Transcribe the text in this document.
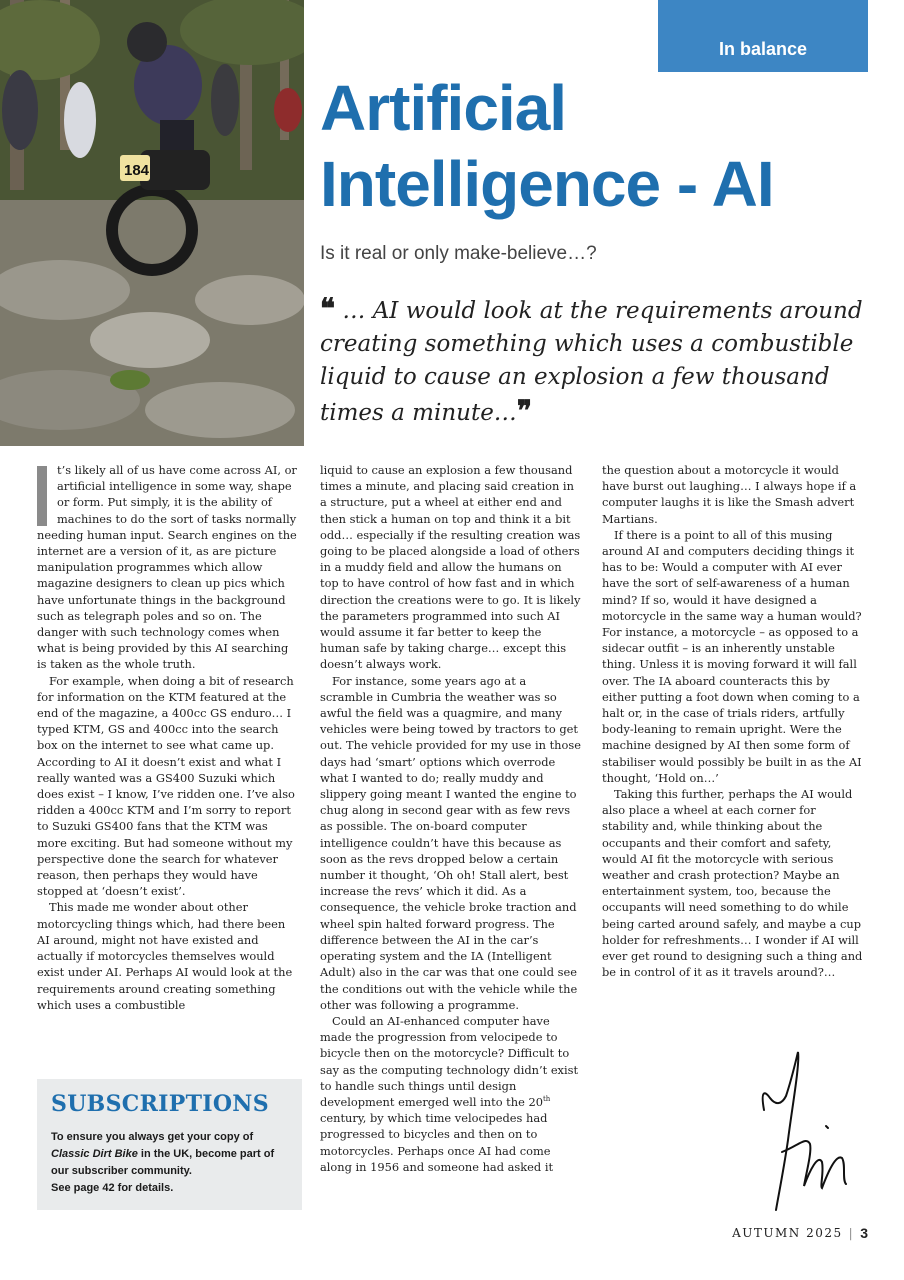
184
In balance
Artificial
Intelligence - AI
Is it real or only make-believe…?

❝ … AI would look at the requirements around creating something which uses a combustible liquid to cause an explosion a few thousand times a minute…❞

t’s likely all of us have come across AI, or artificial intelligence in some way, shape or form. Put simply, it is the ability of machines to do the sort of tasks normally needing human input. Search engines on the internet are a version of it, as are picture manipulation programmes which allow magazine designers to clean up pics which have unfortunate things in the background such as telegraph poles and so on. The danger with such technology comes when what is being provided by this AI searching is taken as the whole truth.

For example, when doing a bit of research for information on the KTM featured at the end of the magazine, a 400cc GS enduro… I typed KTM, GS and 400cc into the search box on the internet to see what came up. According to AI it doesn’t exist and what I really wanted was a GS400 Suzuki which does exist – I know, I’ve ridden one. I’ve also ridden a 400cc KTM and I’m sorry to report to Suzuki GS400 fans that the KTM was more exciting. But had someone without my perspective done the search for whatever reason, then perhaps they would have stopped at ‘doesn’t exist’.

This made me wonder about other motorcycling things which, had there been AI around, might not have existed and actually if motorcycles themselves would exist under AI. Perhaps AI would look at the requirements around creating something which uses a combustible

liquid to cause an explosion a few thousand times a minute, and placing said creation in a structure, put a wheel at either end and then stick a human on top and think it a bit odd… especially if the resulting creation was going to be placed alongside a load of others in a muddy field and allow the humans on top to have control of how fast and in which direction the creations were to go. It is likely the parameters programmed into such AI would assume it far better to keep the human safe by taking charge… except this doesn’t always work.

For instance, some years ago at a scramble in Cumbria the weather was so awful the field was a quagmire, and many vehicles were being towed by tractors to get out. The vehicle provided for my use in those days had ‘smart’ options which overrode what I wanted to do; really muddy and slippery going meant I wanted the engine to chug along in second gear with as few revs as possible. The on-board computer intelligence couldn’t have this because as soon as the revs dropped below a certain number it thought, ‘Oh oh! Stall alert, best increase the revs’ which it did. As a consequence, the vehicle broke traction and wheel spin halted forward progress. The difference between the AI in the car’s operating system and the IA (Intelligent Adult) also in the car was that one could see the conditions out with the vehicle while the other was following a programme.

Could an AI-enhanced computer have made the progression from velocipede to bicycle then on the motorcycle? Difficult to say as the computing technology didn’t exist to handle such things until design development emerged well into the 20th century, by which time velocipedes had progressed to bicycles and then on to motorcycles. Perhaps once AI had come along in 1956 and someone had asked it

the question about a motorcycle it would have burst out laughing… I always hope if a computer laughs it is like the Smash advert Martians.

If there is a point to all of this musing around AI and computers deciding things it has to be: Would a computer with AI ever have the sort of self-awareness of a human mind? If so, would it have designed a motorcycle in the same way a human would? For instance, a motorcycle – as opposed to a sidecar outfit – is an inherently unstable thing. Unless it is moving forward it will fall over. The IA aboard counteracts this by either putting a foot down when coming to a halt or, in the case of trials riders, artfully body-leaning to remain upright. Were the machine designed by AI then some form of stabiliser would possibly be built in as the AI thought, ‘Hold on…’

Taking this further, perhaps the AI would also place a wheel at each corner for stability and, while thinking about the occupants and their comfort and safety, would AI fit the motorcycle with serious weather and crash protection? Maybe an entertainment system, too, because the occupants will need something to do while being carted around safely, and maybe a cup holder for refreshments… I wonder if AI will ever get round to designing such a thing and be in control of it as it travels around?…

SUBSCRIPTIONS

To ensure you always get your copy of
Classic Dirt Bike in the UK, become part of our subscriber community.
See page 42 for details.

AUTUMN 2025 | 3
